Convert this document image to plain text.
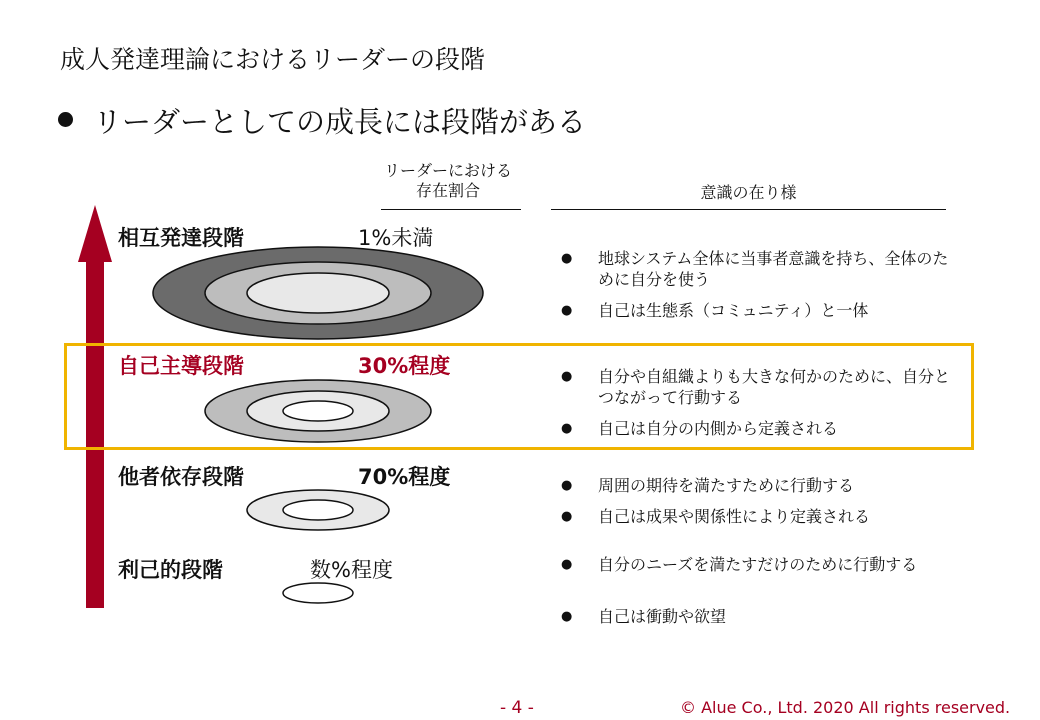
成人発達理論におけるリーダーの段階
リーダーとしての成長には段階がある
リーダーにおける
存在割合	意識の在り様
相互発達段階	1%未満
● 地球システム全体に当事者意識を持ち、全体のために自分を使う
● 自己は生態系（コミュニティ）と一体
自己主導段階	30%程度	● 自分や自組織よりも大きな何かのために、自分とつながって行動する
● 自己は自分の内側から定義される
他者依存段階	70%程度	● 周囲の期待を満たすために行動する
● 自己は成果や関係性により定義される
利己的段階	数%程度	● 自分のニーズを満たすだけのために行動する
● 自己は衝動や欲望
- 4 -	© Alue Co., Ltd. 2020 All rights reserved.
